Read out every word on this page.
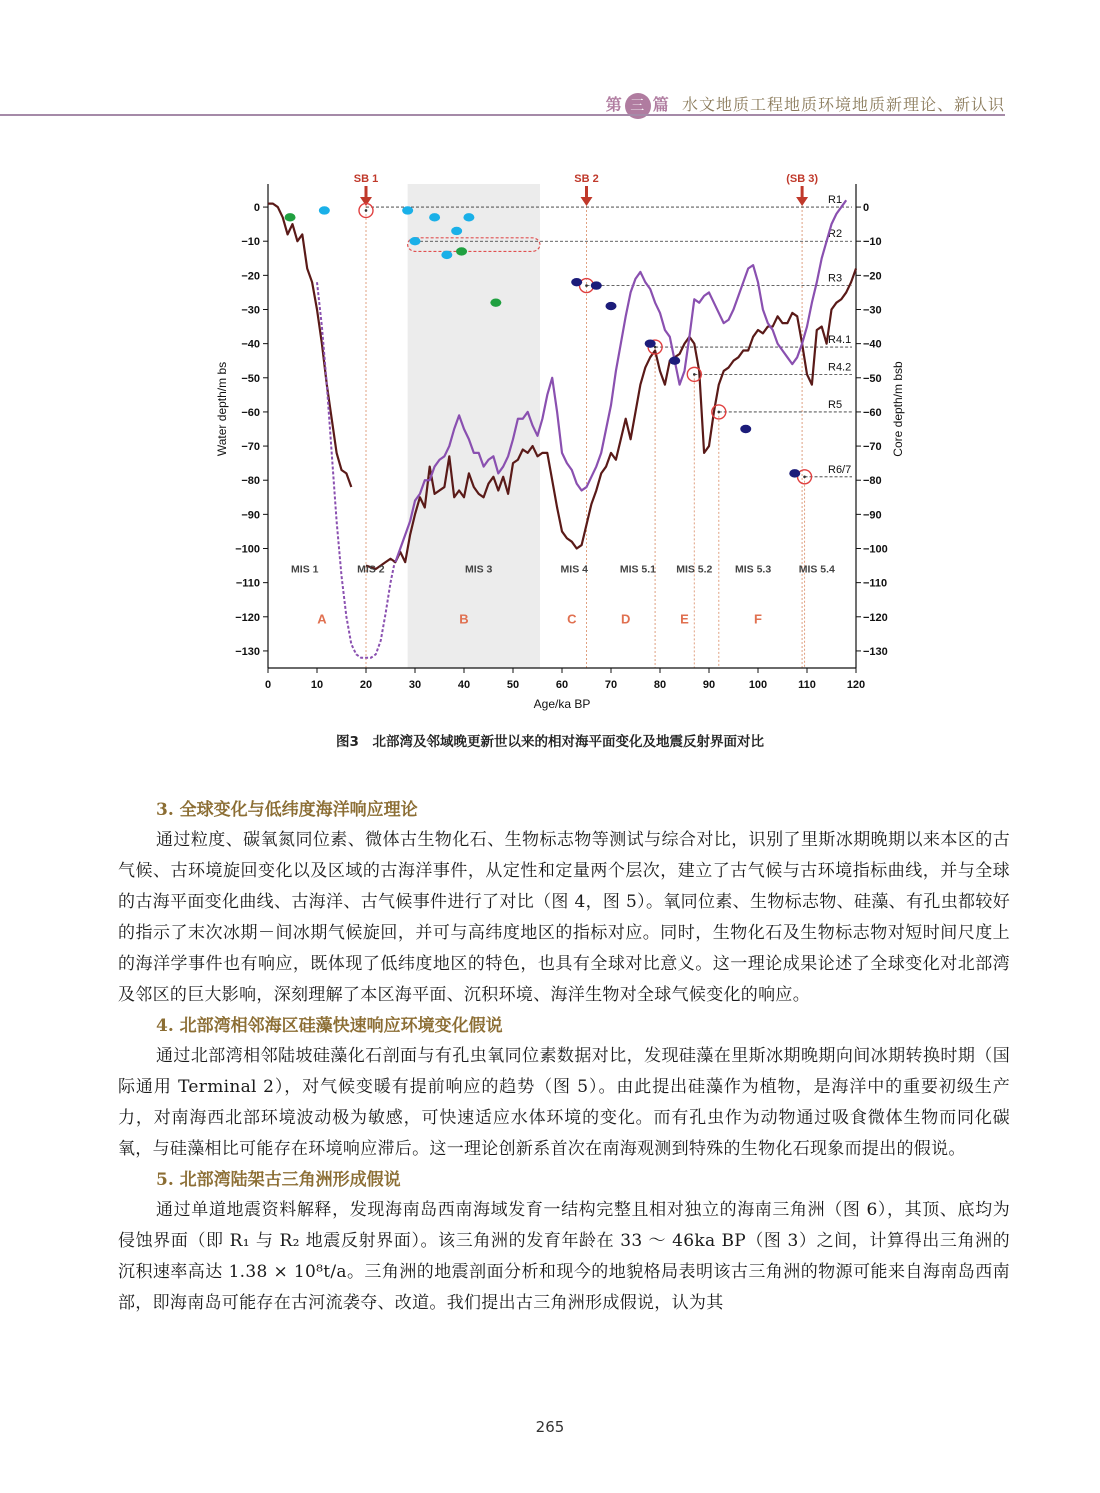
第 三 篇 水文地质工程地质环境地质新理论、新认识
R1
R2
R3
R4.1
R4.2
R5
R6/7
0
−10
−20
−30
−40
−50
−60
−70
−80
−90
−100
−110
−120
−130
0
−10
−20
−30
−40
−50
−60
−70
−80
−90
−100
−110
−120
−130
0	10	20	30	40	50	60	70	80	90	100	110	120
Age/ka BP
Water depth/m bs	Core depth/m bsb
SB 1	SB 2	(SB 3)
MIS 1	MIS 2	MIS 3	MIS 4	MIS 5.1 MIS 5.2 MIS 5.3	MIS 5.4
A	B	C	D	E	F
图3　北部湾及邻域晚更新世以来的相对海平面变化及地震反射界面对比

3. 全球变化与低纬度海洋响应理论

通过粒度、碳氧氮同位素、微体古生物化石、生物标志物等测试与综合对比，识别了里斯冰期晚期以来本区的古气候、古环境旋回变化以及区域的古海洋事件，从定性和定量两个层次，建立了古气候与古环境指标曲线，并与全球的古海平面变化曲线、古海洋、古气候事件进行了对比（图 4，图 5）。氧同位素、生物标志物、硅藻、有孔虫都较好的指示了末次冰期－间冰期气候旋回，并可与高纬度地区的指标对应。同时，生物化石及生物标志物对短时间尺度上的海洋学事件也有响应，既体现了低纬度地区的特色，也具有全球对比意义。这一理论成果论述了全球变化对北部湾及邻区的巨大影响，深刻理解了本区海平面、沉积环境、海洋生物对全球气候变化的响应。

4. 北部湾相邻海区硅藻快速响应环境变化假说

通过北部湾相邻陆坡硅藻化石剖面与有孔虫氧同位素数据对比，发现硅藻在里斯冰期晚期向间冰期转换时期（国际通用 Terminal 2），对气候变暖有提前响应的趋势（图 5）。由此提出硅藻作为植物，是海洋中的重要初级生产力，对南海西北部环境波动极为敏感，可快速适应水体环境的变化。而有孔虫作为动物通过吸食微体生物而同化碳氧，与硅藻相比可能存在环境响应滞后。这一理论创新系首次在南海观测到特殊的生物化石现象而提出的假说。

5. 北部湾陆架古三角洲形成假说

通过单道地震资料解释，发现海南岛西南海域发育一结构完整且相对独立的海南三角洲（图 6），其顶、底均为侵蚀界面（即 R₁ 与 R₂ 地震反射界面）。该三角洲的发育年龄在 33 ～ 46ka BP（图 3）之间，计算得出三角洲的沉积速率高达 1.38 × 10⁸t/a。三角洲的地震剖面分析和现今的地貌格局表明该古三角洲的物源可能来自海南岛西南部，即海南岛可能存在古河流袭夺、改道。我们提出古三角洲形成假说，认为其

265
